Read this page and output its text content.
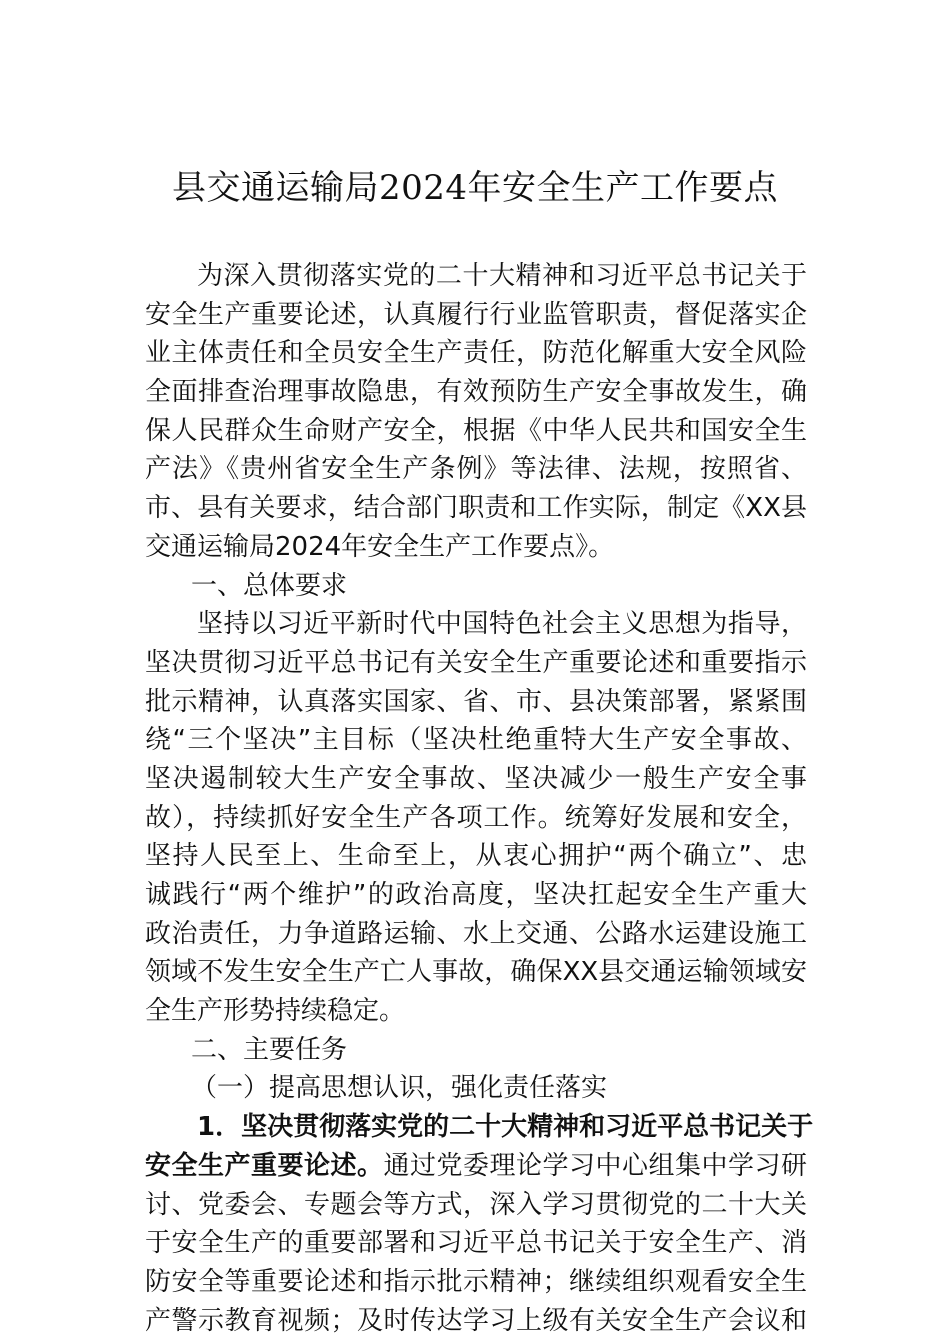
县交通运输局2024年安全生产工作要点
为深入贯彻落实党的二十大精神和习近平总书记关于
安全生产重要论述，认真履行行业监管职责，督促落实企
业主体责任和全员安全生产责任，防范化解重大安全风险
全面排查治理事故隐患，有效预防生产安全事故发生，确
保人民群众生命财产安全，根据《中华人民共和国安全生
产法》《贵州省安全生产条例》等法律、法规，按照省、
市、县有关要求，结合部门职责和工作实际，制定《XX县
交通运输局2024年安全生产工作要点》。
一、总体要求
坚持以习近平新时代中国特色社会主义思想为指导，
坚决贯彻习近平总书记有关安全生产重要论述和重要指示
批示精神，认真落实国家、省、市、县决策部署，紧紧围
绕“三个坚决”主目标（坚决杜绝重特大生产安全事故、
坚决遏制较大生产安全事故、坚决减少一般生产安全事
故），持续抓好安全生产各项工作。统筹好发展和安全，
坚持人民至上、生命至上，从衷心拥护“两个确立”、忠
诚践行“两个维护”的政治高度，坚决扛起安全生产重大
政治责任，力争道路运输、水上交通、公路水运建设施工
领域不发生安全生产亡人事故，确保XX县交通运输领域安
全生产形势持续稳定。
二、主要任务
（一）提高思想认识，强化责任落实
1．坚决贯彻落实党的二十大精神和习近平总书记关于
安全生产重要论述。通过党委理论学习中心组集中学习研
讨、党委会、专题会等方式，深入学习贯彻党的二十大关
于安全生产的重要部署和习近平总书记关于安全生产、消
防安全等重要论述和指示批示精神；继续组织观看安全生
产警示教育视频；及时传达学习上级有关安全生产会议和
